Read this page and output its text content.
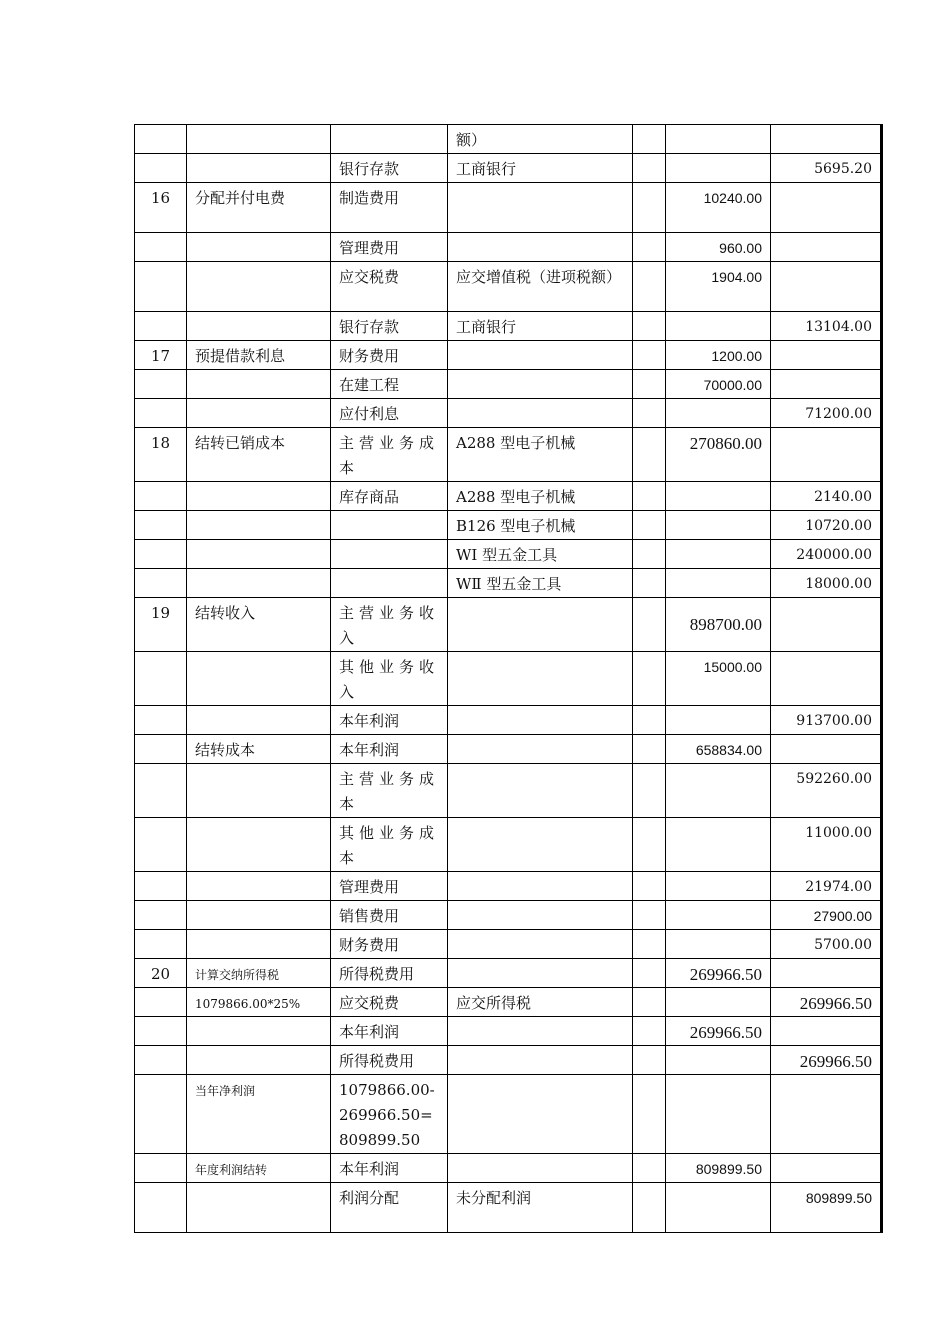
			额）			
		银行存款	工商银行			5695.20
16	分配并付电费	制造费用			10240.00	
		管理费用			960.00	
		应交税费	应交增值税（进项税额）		1904.00	
		银行存款	工商银行			13104.00
17	预提借款利息	财务费用			1200.00	
		在建工程			70000.00	
		应付利息				71200.00
18	结转已销成本	主营业务成本	A288 型电子机械		270860.00	
		库存商品	A288 型电子机械			2140.00
			B126 型电子机械			10720.00
			WⅠ 型五金工具			240000.00
			WⅡ 型五金工具			18000.00
19	结转收入	主营业务收入			898700.00	
		其他业务收入			15000.00	
		本年利润				913700.00
	结转成本	本年利润			658834.00	
		主营业务成本				592260.00
		其他业务成本				11000.00
		管理费用				21974.00
		销售费用				27900.00
		财务费用				5700.00
20	计算交纳所得税	所得税费用			269966.50	
	1079866.00*25%	应交税费	应交所得税			269966.50
		本年利润			269966.50	
		所得税费用				269966.50
	当年净利润	1079866.00-269966.50=809899.50				
	年度利润结转	本年利润			809899.50	
		利润分配	未分配利润			809899.50
